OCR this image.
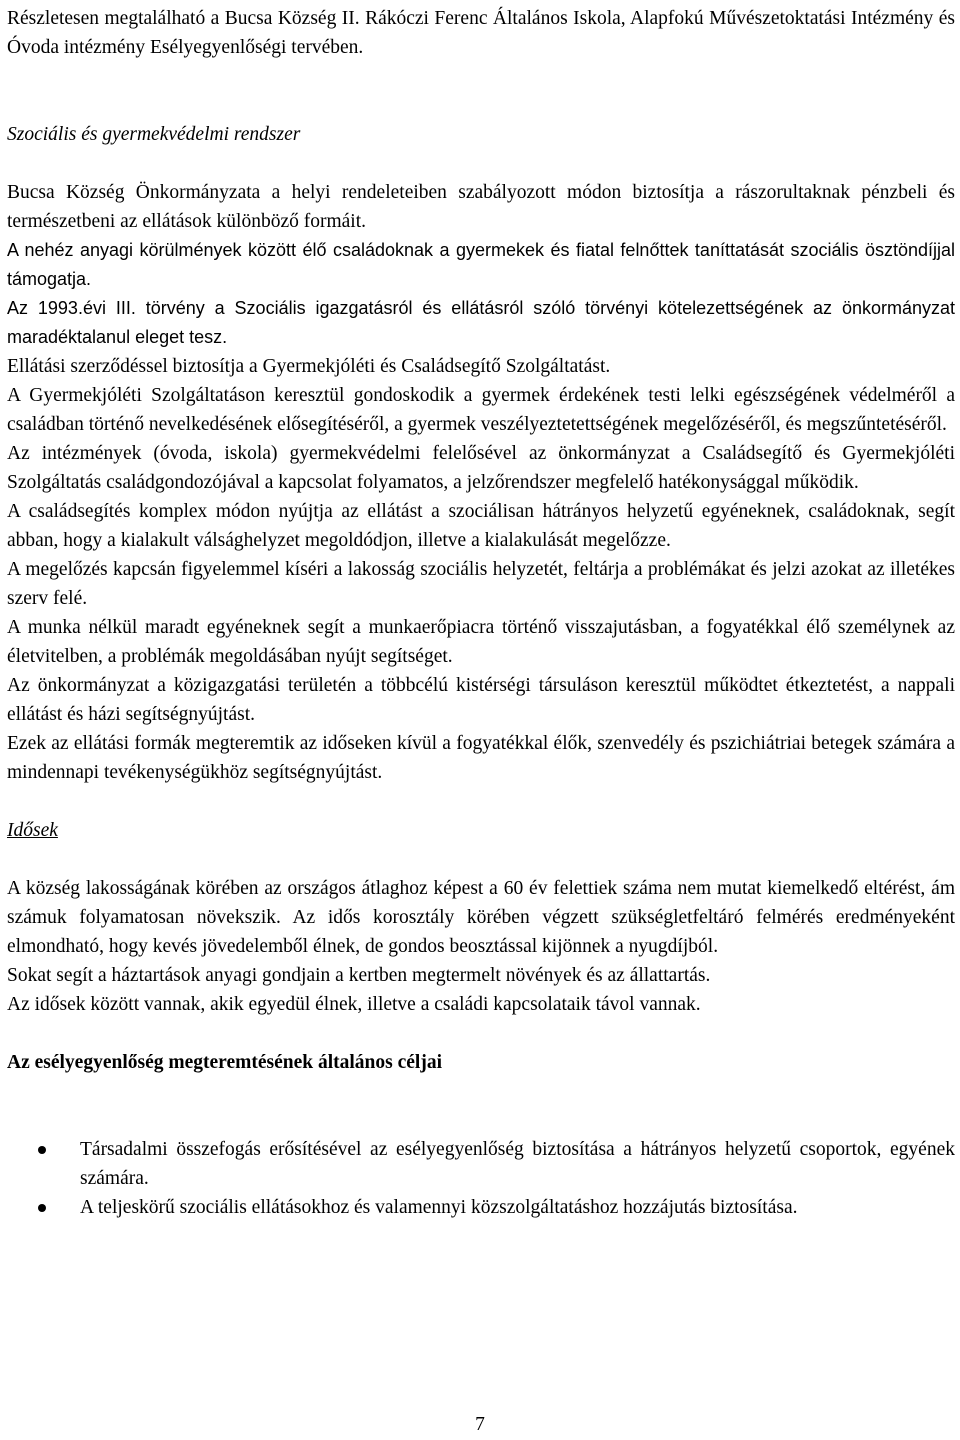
Részletesen megtalálható a Bucsa Község II. Rákóczi Ferenc Általános Iskola, Alapfokú Művészetoktatási Intézmény és Óvoda intézmény Esélyegyenlőségi tervében.

Szociális és gyermekvédelmi rendszer

Bucsa Község Önkormányzata a helyi rendeleteiben szabályozott módon biztosítja a rászorultaknak pénzbeli és természetbeni az ellátások különböző formáit.

A nehéz anyagi körülmények között élő családoknak a gyermekek és fiatal felnőttek taníttatását szociális ösztöndíjjal támogatja.

Az 1993.évi III. törvény a Szociális igazgatásról és ellátásról szóló törvényi kötelezettségének az önkormányzat maradéktalanul eleget tesz.

Ellátási szerződéssel biztosítja a Gyermekjóléti és Családsegítő Szolgáltatást.

A Gyermekjóléti Szolgáltatáson keresztül gondoskodik a gyermek érdekének testi lelki egészségének védelméről a családban történő nevelkedésének elősegítéséről, a gyermek veszélyeztetettségének megelőzéséről, és megszűntetéséről.

Az intézmények (óvoda, iskola) gyermekvédelmi felelősével az önkormányzat a Családsegítő és Gyermekjóléti Szolgáltatás családgondozójával a kapcsolat folyamatos, a jelzőrendszer megfelelő hatékonysággal működik.

A családsegítés komplex módon nyújtja az ellátást a szociálisan hátrányos helyzetű egyéneknek, családoknak, segít abban, hogy a kialakult válsághelyzet megoldódjon, illetve a kialakulását megelőzze.

A megelőzés kapcsán figyelemmel kíséri a lakosság szociális helyzetét, feltárja a problémákat és jelzi azokat az illetékes szerv felé.

A munka nélkül maradt egyéneknek segít a munkaerőpiacra történő visszajutásban, a fogyatékkal élő személynek az életvitelben, a problémák megoldásában nyújt segítséget.

Az önkormányzat a közigazgatási területén a többcélú kistérségi társuláson keresztül működtet étkeztetést, a nappali ellátást és házi segítségnyújtást.

Ezek az ellátási formák megteremtik az időseken kívül a fogyatékkal élők, szenvedély és pszichiátriai betegek számára a mindennapi tevékenységükhöz segítségnyújtást.

Idősek

A község lakosságának körében az országos átlaghoz képest a 60 év felettiek száma nem mutat kiemelkedő eltérést, ám számuk folyamatosan növekszik. Az idős korosztály körében végzett szükségletfeltáró felmérés eredményeként elmondható, hogy kevés jövedelemből élnek, de gondos beosztással kijönnek a nyugdíjból.

Sokat segít a háztartások anyagi gondjain a kertben megtermelt növények és az állattartás.

Az idősek között vannak, akik egyedül élnek, illetve a családi kapcsolataik távol vannak.

Az esélyegyenlőség megteremtésének általános céljai

Társadalmi összefogás erősítésével az esélyegyenlőség biztosítása a hátrányos helyzetű csoportok, egyének számára.
A teljeskörű szociális ellátásokhoz és valamennyi közszolgáltatáshoz hozzájutás biztosítása.
7
